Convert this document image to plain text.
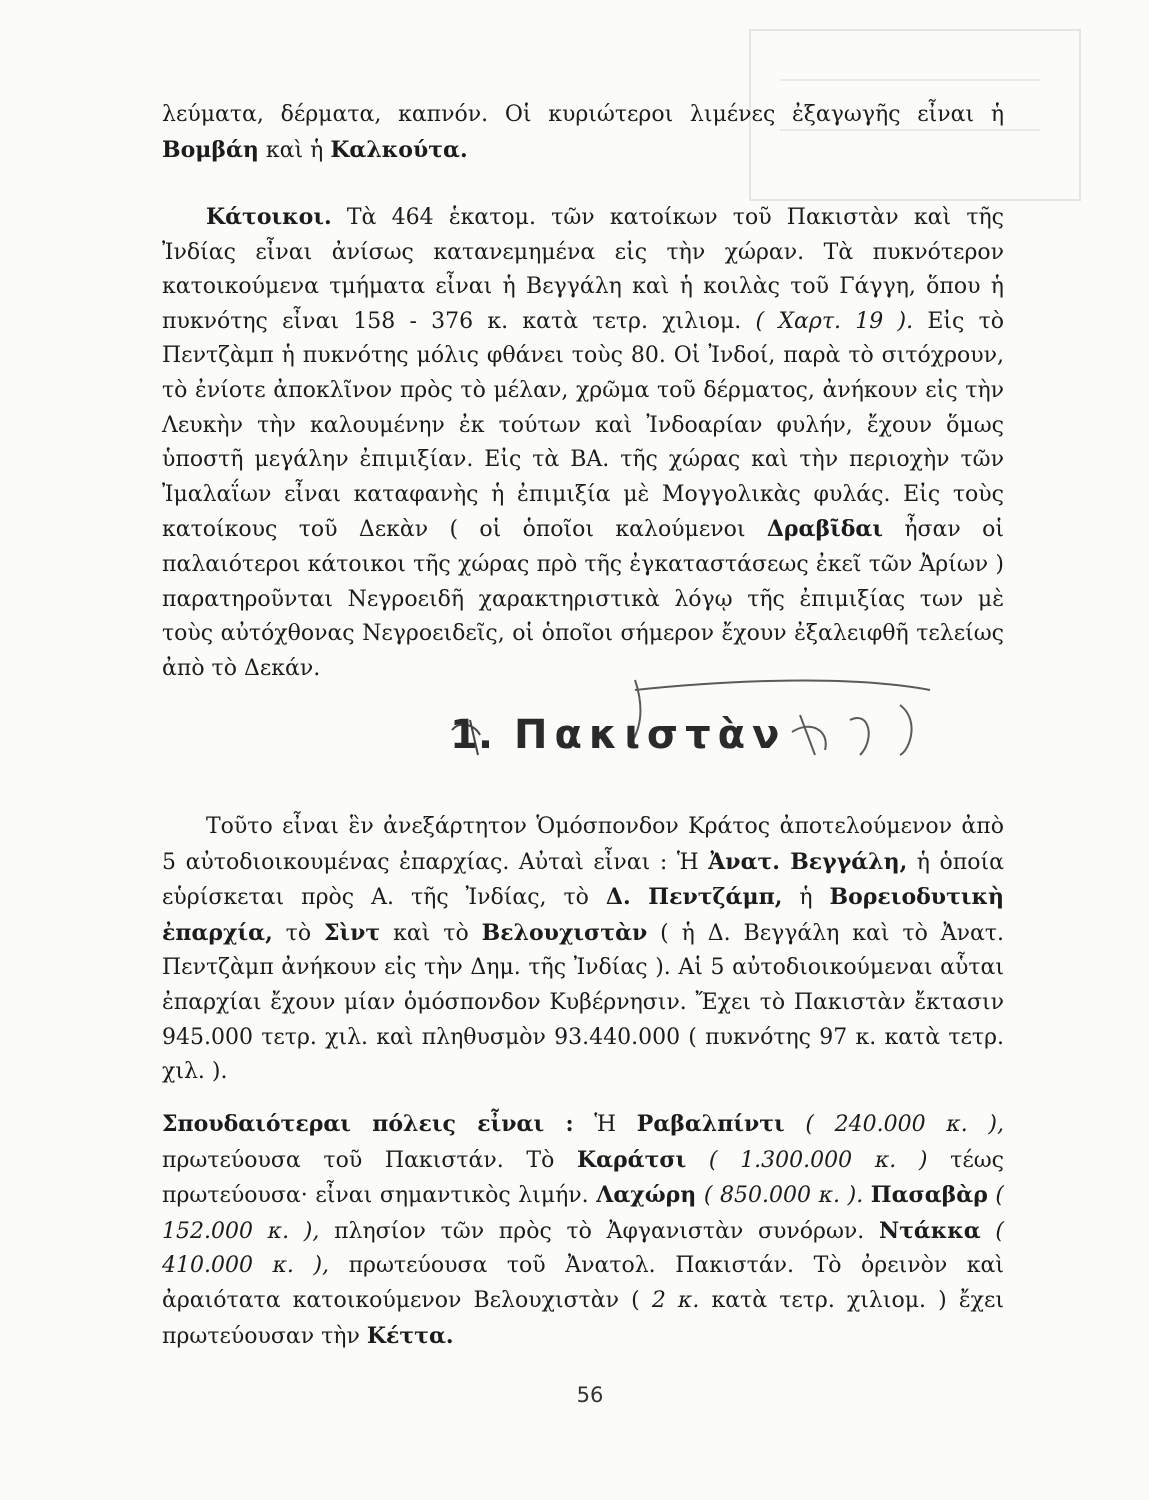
λεύματα, δέρματα, καπνόν. Οἱ κυριώτεροι λιμένες ἐξαγωγῆς εἶναι ἡ Βομβάη καὶ ἡ Καλκούτα.

Κάτοικοι. Τὰ 464 ἑκατομ. τῶν κατοίκων τοῦ Πακιστὰν καὶ τῆς Ἰνδίας εἶναι ἀνίσως κατανεμημένα εἰς τὴν χώραν. Τὰ πυκνότερον κατοικούμενα τμήματα εἶναι ἡ Βεγγάλη καὶ ἡ κοιλὰς τοῦ Γάγγη, ὅπου ἡ πυκνότης εἶναι 158 - 376 κ. κατὰ τετρ. χιλιομ. ( Χαρτ. 19 ). Εἰς τὸ Πεντζὰμπ ἡ πυκνότης μόλις φθάνει τοὺς 80. Οἱ Ἰνδοί, παρὰ τὸ σιτόχρουν, τὸ ἐνίοτε ἀποκλῖνον πρὸς τὸ μέλαν, χρῶμα τοῦ δέρματος, ἀνήκουν εἰς τὴν Λευκὴν τὴν καλουμένην ἐκ τούτων καὶ Ἰνδοαρίαν φυλήν, ἔχουν ὅμως ὑποστῆ μεγάλην ἐπιμιξίαν. Εἰς τὰ ΒΑ. τῆς χώρας καὶ τὴν περιοχὴν τῶν Ἰμαλαΐων εἶναι καταφανὴς ἡ ἐπιμιξία μὲ Μογγολικὰς φυλάς. Εἰς τοὺς κατοίκους τοῦ Δεκὰν ( οἱ ὁποῖοι καλούμενοι Δραβῖδαι ἦσαν οἱ παλαιότεροι κάτοικοι τῆς χώρας πρὸ τῆς ἐγκαταστάσεως ἐκεῖ τῶν Ἀρίων ) παρατηροῦνται Νεγροειδῆ χαρακτηριστικὰ λόγῳ τῆς ἐπιμιξίας των μὲ τοὺς αὐτόχθονας Νεγροειδεῖς, οἱ ὁποῖοι σήμερον ἔχουν ἐξαλειφθῆ τελείως ἀπὸ τὸ Δεκάν.

1. Πακιστὰν

Τοῦτο εἶναι ἓν ἀνεξάρτητον Ὁμόσπονδον Κράτος ἀποτελούμενον ἀπὸ 5 αὐτοδιοικουμένας ἐπαρχίας. Αὐταὶ εἶναι : Ἡ Ἀνατ. Βεγγάλη, ἡ ὁποία εὑρίσκεται πρὸς Α. τῆς Ἰνδίας, τὸ Δ. Πεντζάμπ, ἡ Βορειοδυτικὴ ἐπαρχία, τὸ Σὶντ καὶ τὸ Βελουχιστὰν ( ἡ Δ. Βεγγάλη καὶ τὸ Ἀνατ. Πεντζὰμπ ἀνήκουν εἰς τὴν Δημ. τῆς Ἰνδίας ). Αἱ 5 αὐτοδιοικούμεναι αὗται ἐπαρχίαι ἔχουν μίαν ὁμόσπονδον Κυβέρνησιν. Ἔχει τὸ Πακιστὰν ἔκτασιν 945.000 τετρ. χιλ. καὶ πληθυσμὸν 93.440.000 ( πυκνότης 97 κ. κατὰ τετρ. χιλ. ).

Σπουδαιότεραι πόλεις εἶναι : Ἡ Ραβαλπίντι ( 240.000 κ. ), πρωτεύουσα τοῦ Πακιστάν. Τὸ Καράτσι ( 1.300.000 κ. ) τέως πρωτεύουσα· εἶναι σημαντικὸς λιμήν. Λαχώρη ( 850.000 κ. ). Πασαβὰρ ( 152.000 κ. ), πλησίον τῶν πρὸς τὸ Ἀφγανιστὰν συνόρων. Ντάκκα ( 410.000 κ. ), πρωτεύουσα τοῦ Ἀνατολ. Πακιστάν. Τὸ ὀρεινὸν καὶ ἀραιότατα κατοικούμενον Βελουχιστὰν ( 2 κ. κατὰ τετρ. χιλιομ. ) ἔχει πρωτεύουσαν τὴν Κέττα.

56
